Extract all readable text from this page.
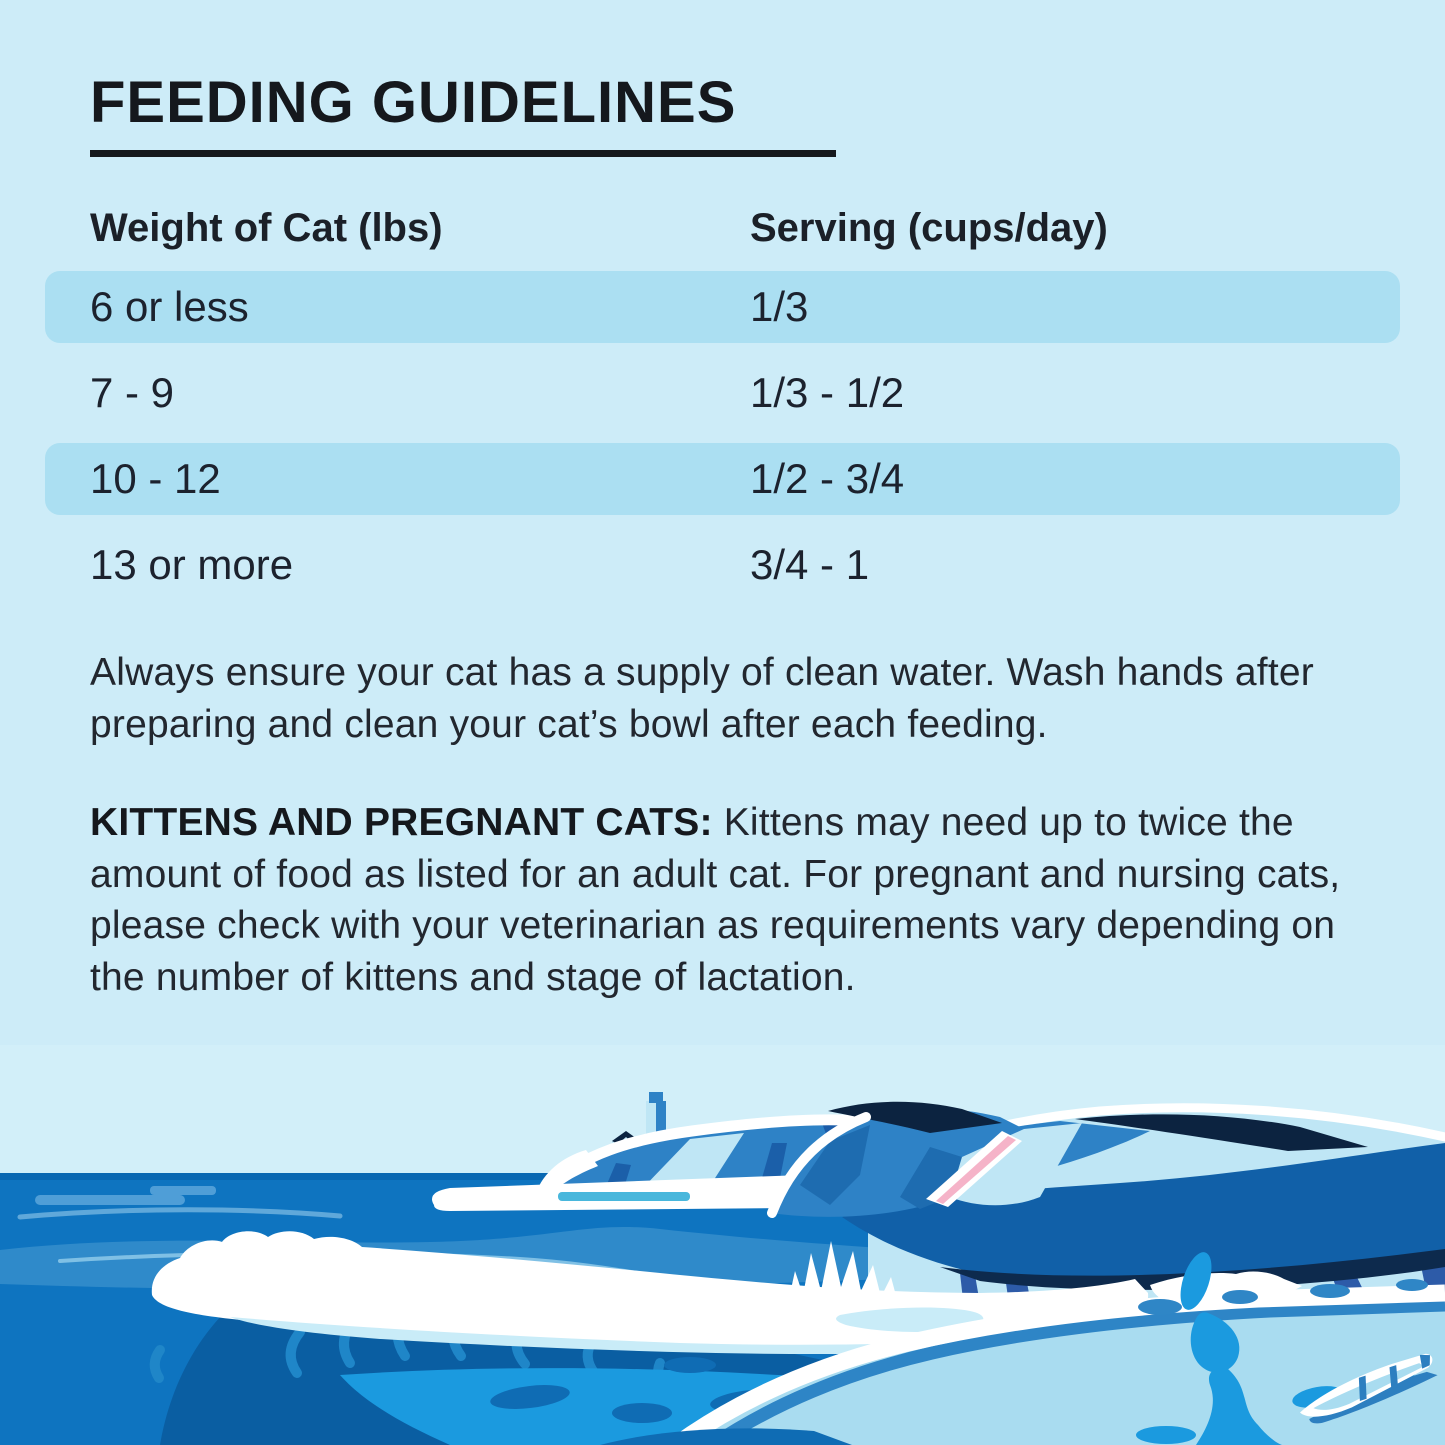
FEEDING GUIDELINES
Weight of Cat (lbs)	Serving (cups/day)
6 or less	1/3
7 - 9	1/3 - 1/2
10 - 12	1/2 - 3/4
13 or more	3/4 - 1

Always ensure your cat has a supply of clean water. Wash hands after preparing and clean your cat’s bowl after each feeding.

KITTENS AND PREGNANT CATS: Kittens may need up to twice the amount of food as listed for an adult cat. For pregnant and nursing cats, please check with your veterinarian as requirements vary depending on the number of kittens and stage of lactation.
